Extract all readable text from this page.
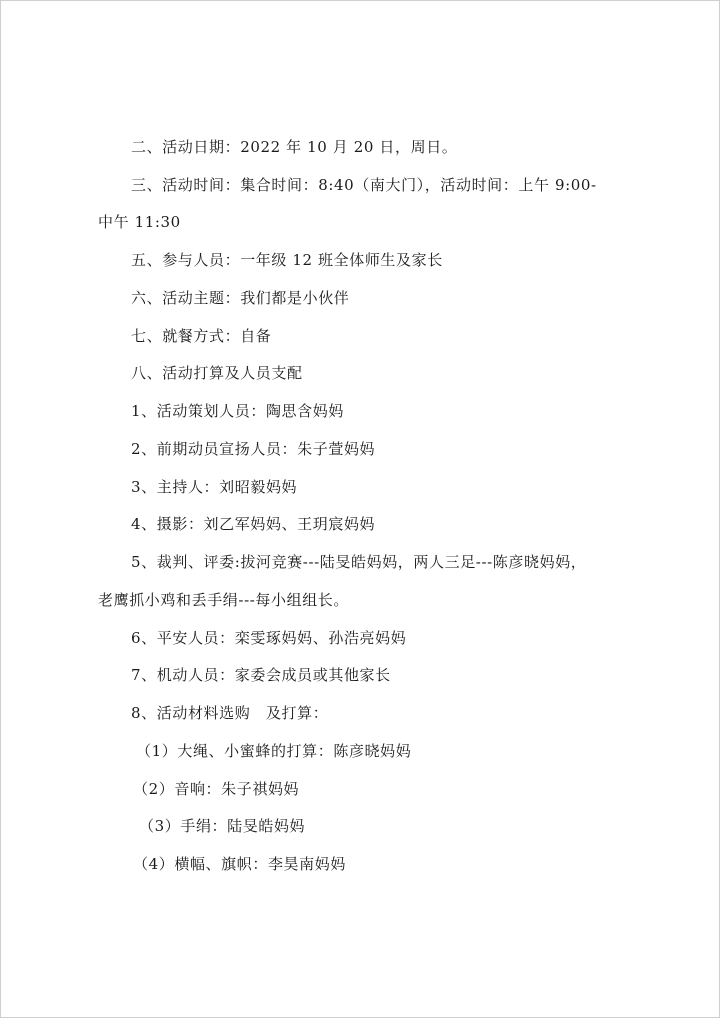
二、活动日期：2022 年 10 月 20 日，周日。
三、活动时间：集合时间：8:40（南大门），活动时间：上午 9:00-
中午 11:30
五、参与人员：一年级 12 班全体师生及家长
六、活动主题：我们都是小伙伴
七、就餐方式：自备
八、活动打算及人员支配
1、活动策划人员：陶思含妈妈
2、前期动员宣扬人员：朱子萱妈妈
3、主持人：刘昭毅妈妈
4、摄影：刘乙军妈妈、王玥宸妈妈
5、裁判、评委:拔河竞赛---陆旻皓妈妈，两人三足---陈彦晓妈妈，
老鹰抓小鸡和丢手绢---每小组组长。
6、平安人员：栾雯琢妈妈、孙浩亮妈妈
7、机动人员：家委会成员或其他家长
8、活动材料选购　及打算：
（1）大绳、小蜜蜂的打算：陈彦晓妈妈
（2）音响：朱子祺妈妈
（3）手绢：陆旻皓妈妈
（4）横幅、旗帜：李昊南妈妈
